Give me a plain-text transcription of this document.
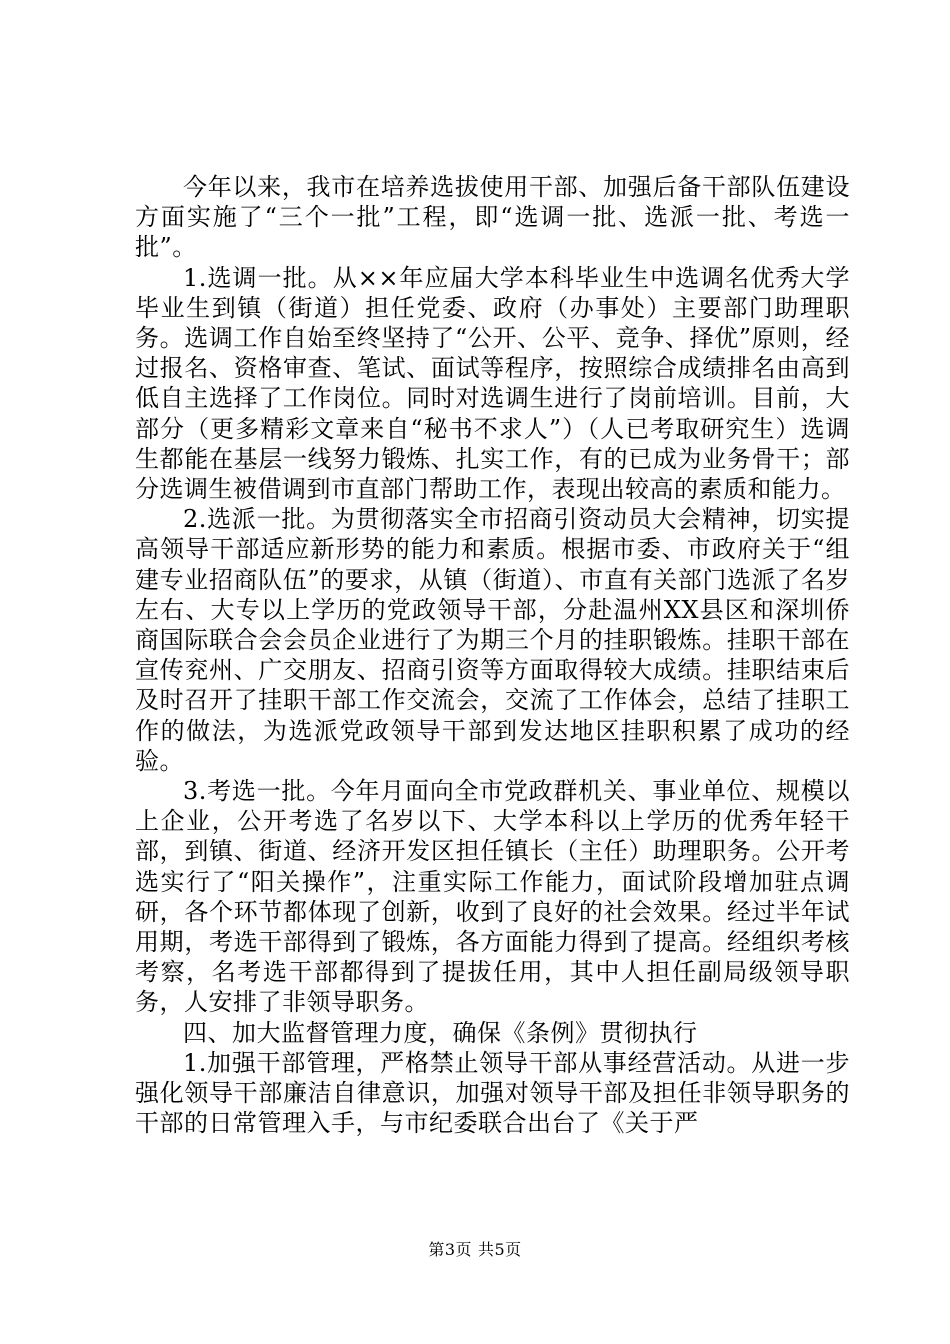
今年以来，我市在培养选拔使用干部、加强后备干部队伍建设方面实施了“三个一批”工程，即“选调一批、选派一批、考选一批”。

1.选调一批。从××年应届大学本科毕业生中选调名优秀大学毕业生到镇（街道）担任党委、政府（办事处）主要部门助理职务。选调工作自始至终坚持了“公开、公平、竞争、择优”原则，经过报名、资格审查、笔试、面试等程序，按照综合成绩排名由高到低自主选择了工作岗位。同时对选调生进行了岗前培训。目前，大部分（更多精彩文章来自“秘书不求人”）（人已考取研究生）选调生都能在基层一线努力锻炼、扎实工作，有的已成为业务骨干；部分选调生被借调到市直部门帮助工作，表现出较高的素质和能力。

2.选派一批。为贯彻落实全市招商引资动员大会精神，切实提高领导干部适应新形势的能力和素质。根据市委、市政府关于“组建专业招商队伍”的要求，从镇（街道）、市直有关部门选派了名岁左右、大专以上学历的党政领导干部，分赴温州XX县区和深圳侨商国际联合会会员企业进行了为期三个月的挂职锻炼。挂职干部在宣传兖州、广交朋友、招商引资等方面取得较大成绩。挂职结束后及时召开了挂职干部工作交流会，交流了工作体会，总结了挂职工作的做法，为选派党政领导干部到发达地区挂职积累了成功的经验。

3.考选一批。今年月面向全市党政群机关、事业单位、规模以上企业，公开考选了名岁以下、大学本科以上学历的优秀年轻干部，到镇、街道、经济开发区担任镇长（主任）助理职务。公开考选实行了“阳关操作”，注重实际工作能力，面试阶段增加驻点调研，各个环节都体现了创新，收到了良好的社会效果。经过半年试用期，考选干部得到了锻炼，各方面能力得到了提高。经组织考核考察，名考选干部都得到了提拔任用，其中人担任副局级领导职务，人安排了非领导职务。

四、加大监督管理力度，确保《条例》贯彻执行

1.加强干部管理，严格禁止领导干部从事经营活动。从进一步强化领导干部廉洁自律意识，加强对领导干部及担任非领导职务的干部的日常管理入手，与市纪委联合出台了《关于严

第3页 共5页
